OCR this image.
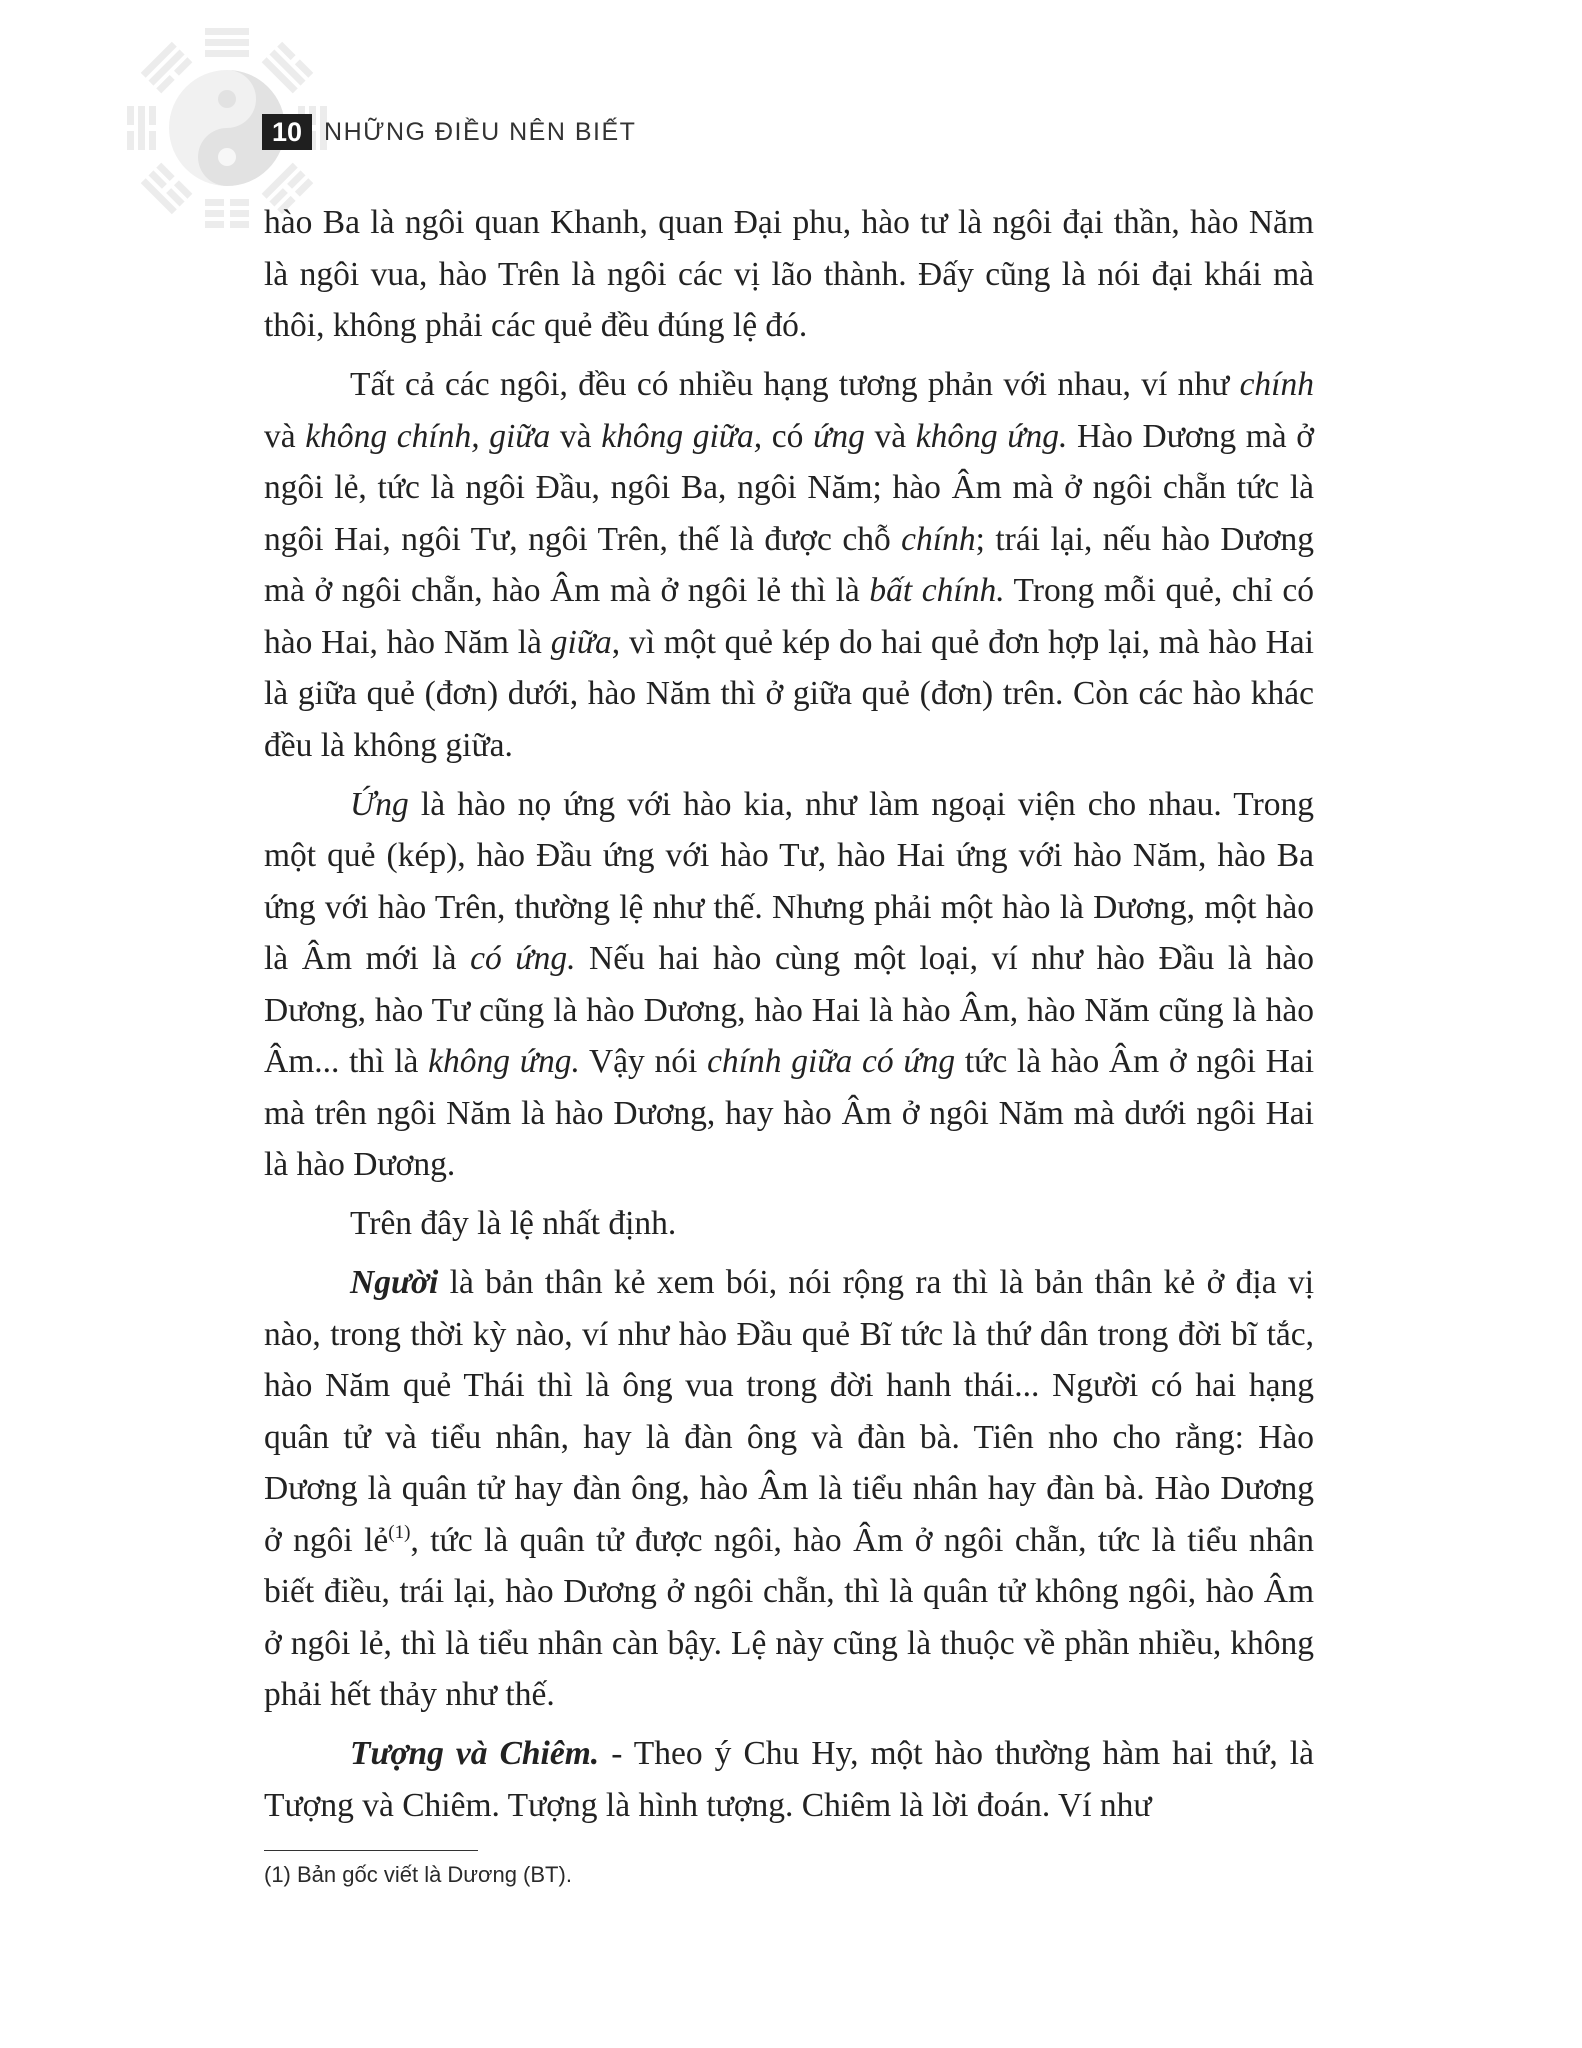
10 NHỮNG ĐIỀU NÊN BIẾT

hào Ba là ngôi quan Khanh, quan Đại phu, hào tư là ngôi đại thần, hào Năm là ngôi vua, hào Trên là ngôi các vị lão thành. Đấy cũng là nói đại khái mà thôi, không phải các quẻ đều đúng lệ đó.

Tất cả các ngôi, đều có nhiều hạng tương phản với nhau, ví như chính và không chính, giữa và không giữa, có ứng và không ứng. Hào Dương mà ở ngôi lẻ, tức là ngôi Đầu, ngôi Ba, ngôi Năm; hào Âm mà ở ngôi chẵn tức là ngôi Hai, ngôi Tư, ngôi Trên, thế là được chỗ chính; trái lại, nếu hào Dương mà ở ngôi chẵn, hào Âm mà ở ngôi lẻ thì là bất chính. Trong mỗi quẻ, chỉ có hào Hai, hào Năm là giữa, vì một quẻ kép do hai quẻ đơn hợp lại, mà hào Hai là giữa quẻ (đơn) dưới, hào Năm thì ở giữa quẻ (đơn) trên. Còn các hào khác đều là không giữa.

Ứng là hào nọ ứng với hào kia, như làm ngoại viện cho nhau. Trong một quẻ (kép), hào Đầu ứng với hào Tư, hào Hai ứng với hào Năm, hào Ba ứng với hào Trên, thường lệ như thế. Nhưng phải một hào là Dương, một hào là Âm mới là có ứng. Nếu hai hào cùng một loại, ví như hào Đầu là hào Dương, hào Tư cũng là hào Dương, hào Hai là hào Âm, hào Năm cũng là hào Âm... thì là không ứng. Vậy nói chính giữa có ứng tức là hào Âm ở ngôi Hai mà trên ngôi Năm là hào Dương, hay hào Âm ở ngôi Năm mà dưới ngôi Hai là hào Dương.

Trên đây là lệ nhất định.

Người là bản thân kẻ xem bói, nói rộng ra thì là bản thân kẻ ở địa vị nào, trong thời kỳ nào, ví như hào Đầu quẻ Bĩ tức là thứ dân trong đời bĩ tắc, hào Năm quẻ Thái thì là ông vua trong đời hanh thái... Người có hai hạng quân tử và tiểu nhân, hay là đàn ông và đàn bà. Tiên nho cho rằng: Hào Dương là quân tử hay đàn ông, hào Âm là tiểu nhân hay đàn bà. Hào Dương ở ngôi lẻ$^{(1)}$, tức là quân tử được ngôi, hào Âm ở ngôi chẵn, tức là tiểu nhân biết điều, trái lại, hào Dương ở ngôi chẵn, thì là quân tử không ngôi, hào Âm ở ngôi lẻ, thì là tiểu nhân càn bậy. Lệ này cũng là thuộc về phần nhiều, không phải hết thảy như thế.

Tượng và Chiêm. - Theo ý Chu Hy, một hào thường hàm hai thứ, là Tượng và Chiêm. Tượng là hình tượng. Chiêm là lời đoán. Ví như

(1) Bản gốc viết là Dương (BT).
